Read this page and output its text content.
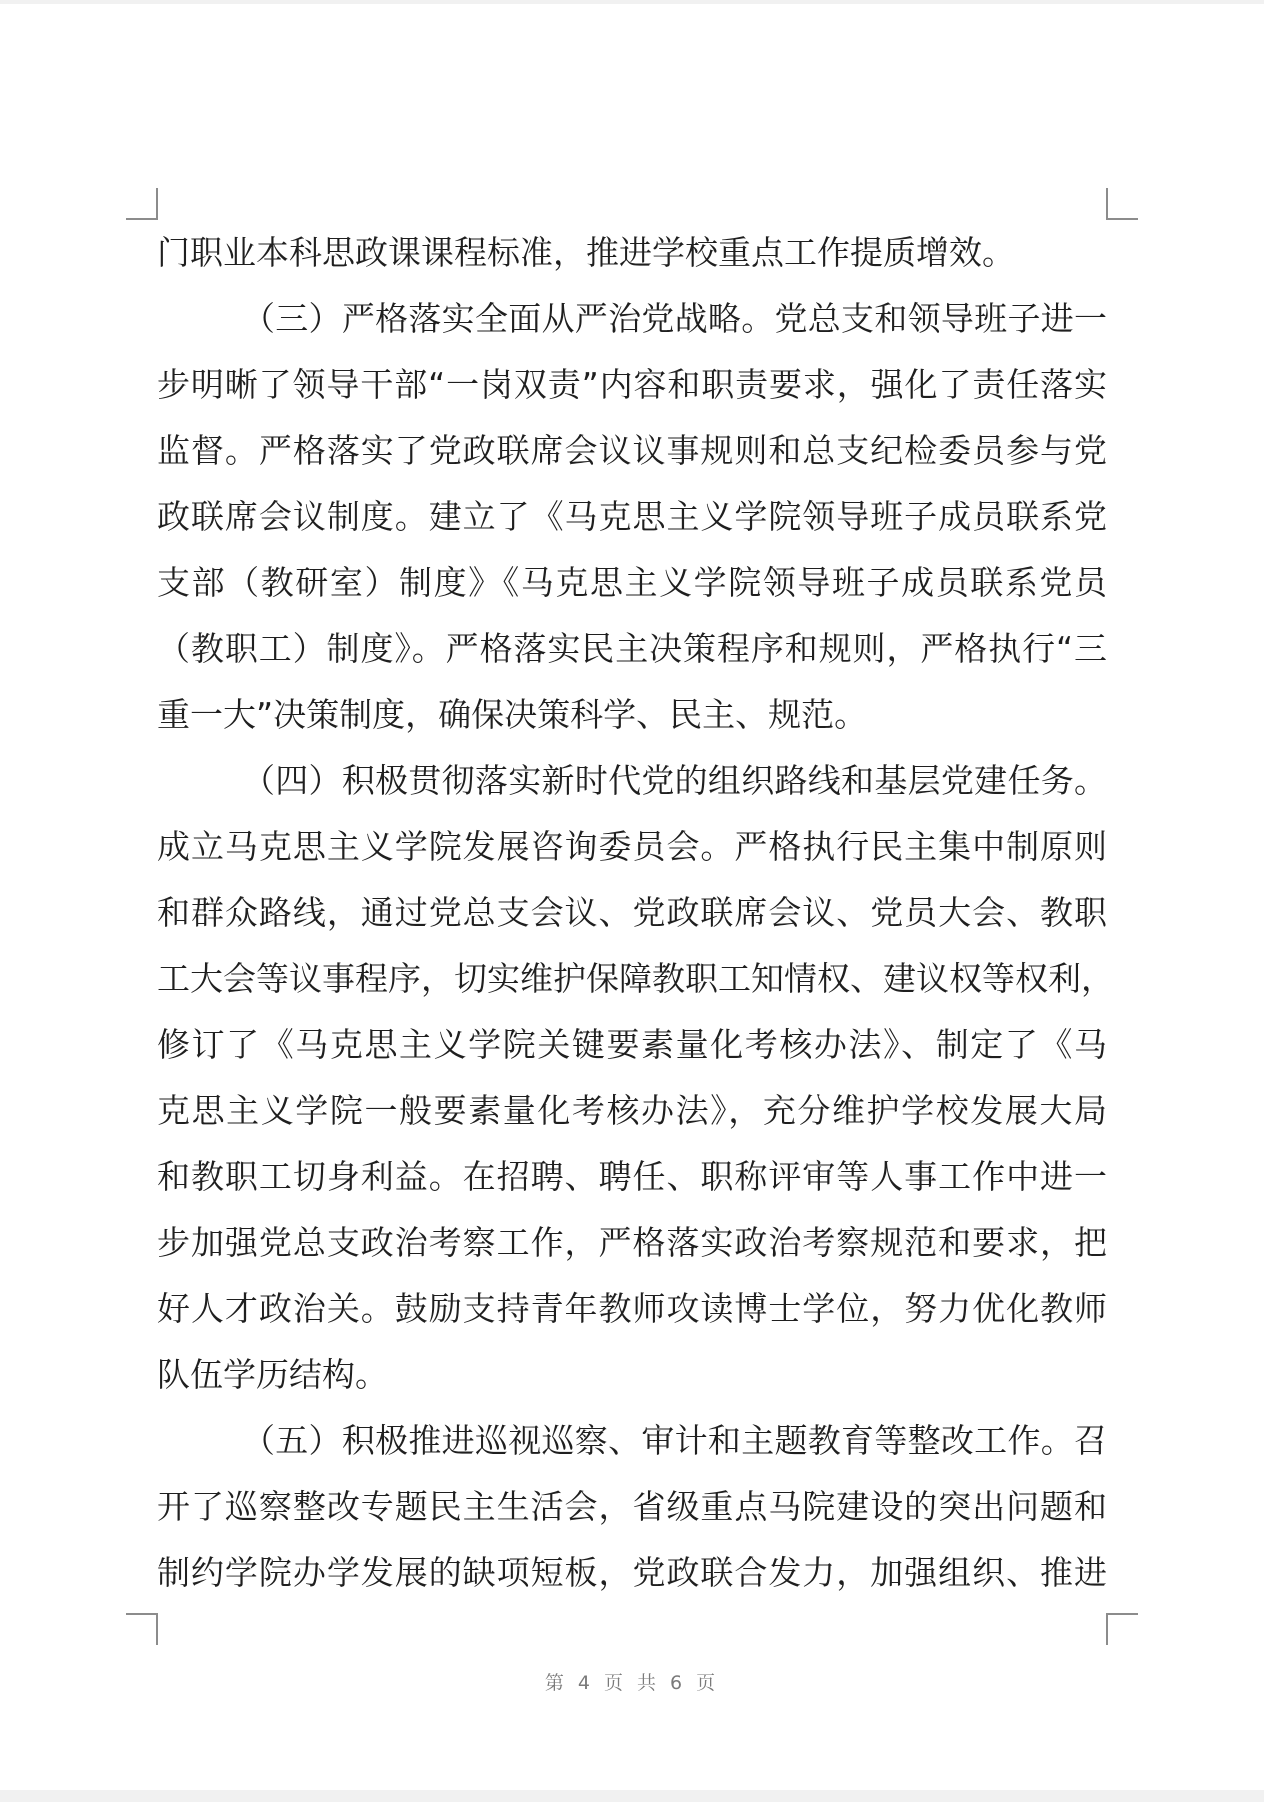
门职业本科思政课课程标准，推进学校重点工作提质增效。
（三）严格落实全面从严治党战略。党总支和领导班子进一
步明晰了领导干部“一岗双责”内容和职责要求，强化了责任落实
监督。严格落实了党政联席会议议事规则和总支纪检委员参与党
政联席会议制度。建立了《马克思主义学院领导班子成员联系党
支部（教研室）制度》《马克思主义学院领导班子成员联系党员
（教职工）制度》。严格落实民主决策程序和规则，严格执行“三
重一大”决策制度，确保决策科学、民主、规范。
（四）积极贯彻落实新时代党的组织路线和基层党建任务。
成立马克思主义学院发展咨询委员会。严格执行民主集中制原则
和群众路线，通过党总支会议、党政联席会议、党员大会、教职
工大会等议事程序，切实维护保障教职工知情权、建议权等权利，
修订了《马克思主义学院关键要素量化考核办法》、制定了《马
克思主义学院一般要素量化考核办法》，充分维护学校发展大局
和教职工切身利益。在招聘、聘任、职称评审等人事工作中进一
步加强党总支政治考察工作，严格落实政治考察规范和要求，把
好人才政治关。鼓励支持青年教师攻读博士学位，努力优化教师
队伍学历结构。
（五）积极推进巡视巡察、审计和主题教育等整改工作。召
开了巡察整改专题民主生活会，省级重点马院建设的突出问题和
制约学院办学发展的缺项短板，党政联合发力，加强组织、推进
第 4 页 共 6 页
